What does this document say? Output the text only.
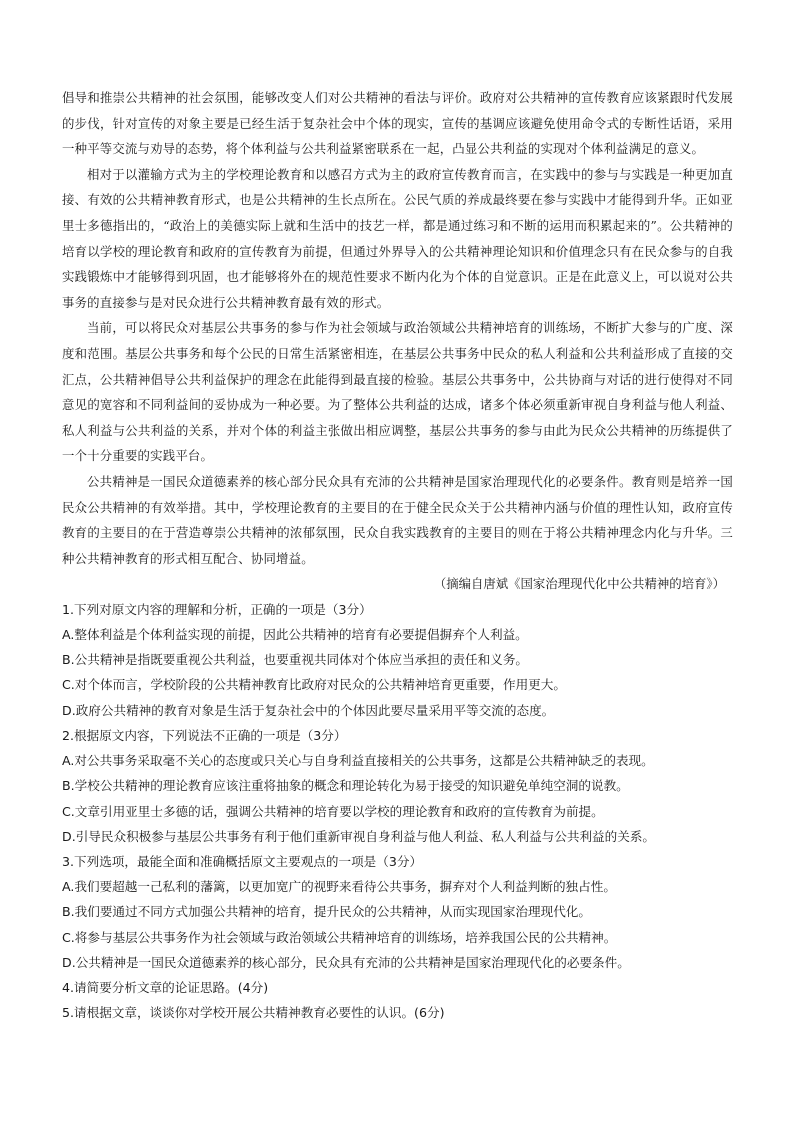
倡导和推崇公共精神的社会氛围，能够改变人们对公共精神的看法与评价。政府对公共精神的宣传教育应该紧跟时代发展的步伐，针对宣传的对象主要是已经生活于复杂社会中个体的现实，宣传的基调应该避免使用命令式的专断性话语，采用一种平等交流与劝导的态势，将个体利益与公共利益紧密联系在一起，凸显公共利益的实现对个体利益满足的意义。

相对于以灌输方式为主的学校理论教育和以感召方式为主的政府宣传教育而言，在实践中的参与与实践是一种更加直接、有效的公共精神教育形式，也是公共精神的生长点所在。公民气质的养成最终要在参与实践中才能得到升华。正如亚里士多德指出的，“政治上的美德实际上就和生活中的技艺一样，都是通过练习和不断的运用而积累起来的”。公共精神的培育以学校的理论教育和政府的宣传教育为前提，但通过外界导入的公共精神理论知识和价值理念只有在民众参与的自我实践锻炼中才能够得到巩固，也才能够将外在的规范性要求不断内化为个体的自觉意识。正是在此意义上，可以说对公共事务的直接参与是对民众进行公共精神教育最有效的形式。

当前，可以将民众对基层公共事务的参与作为社会领域与政治领域公共精神培育的训练场，不断扩大参与的广度、深度和范围。基层公共事务和每个公民的日常生活紧密相连，在基层公共事务中民众的私人利益和公共利益形成了直接的交汇点，公共精神倡导公共利益保护的理念在此能得到最直接的检验。基层公共事务中，公共协商与对话的进行使得对不同意见的宽容和不同利益间的妥协成为一种必要。为了整体公共利益的达成，诸多个体必须重新审视自身利益与他人利益、私人利益与公共利益的关系，并对个体的利益主张做出相应调整，基层公共事务的参与由此为民众公共精神的历练提供了一个十分重要的实践平台。

公共精神是一国民众道德素养的核心部分民众具有充沛的公共精神是国家治理现代化的必要条件。教育则是培养一国民众公共精神的有效举措。其中，学校理论教育的主要目的在于健全民众关于公共精神内涵与价值的理性认知，政府宣传教育的主要目的在于营造尊崇公共精神的浓郁氛围，民众自我实践教育的主要目的则在于将公共精神理念内化与升华。三种公共精神教育的形式相互配合、协同增益。

（摘编自唐斌《国家治理现代化中公共精神的培育》）

1.下列对原文内容的理解和分析，正确的一项是（3分）

A.整体利益是个体利益实现的前提，因此公共精神的培育有必要提倡摒弃个人利益。

B.公共精神是指既要重视公共利益，也要重视共同体对个体应当承担的责任和义务。

C.对个体而言，学校阶段的公共精神教育比政府对民众的公共精神培育更重要，作用更大。

D.政府公共精神的教育对象是生活于复杂社会中的个体因此要尽量采用平等交流的态度。

2.根据原文内容，下列说法不正确的一项是（3分）

A.对公共事务采取毫不关心的态度或只关心与自身利益直接相关的公共事务，这都是公共精神缺乏的表现。

B.学校公共精神的理论教育应该注重将抽象的概念和理论转化为易于接受的知识避免单纯空洞的说教。

C.文章引用亚里士多德的话，强调公共精神的培育要以学校的理论教育和政府的宣传教育为前提。

D.引导民众积极参与基层公共事务有利于他们重新审视自身利益与他人利益、私人利益与公共利益的关系。

3.下列选项，最能全面和准确概括原文主要观点的一项是（3分）

A.我们要超越一己私利的藩篱，以更加宽广的视野来看待公共事务，摒弃对个人利益判断的独占性。

B.我们要通过不同方式加强公共精神的培育，提升民众的公共精神，从而实现国家治理现代化。

C.将参与基层公共事务作为社会领域与政治领域公共精神培育的训练场，培养我国公民的公共精神。

D.公共精神是一国民众道德素养的核心部分，民众具有充沛的公共精神是国家治理现代化的必要条件。

4.请简要分析文章的论证思路。(4分)

5.请根据文章，谈谈你对学校开展公共精神教育必要性的认识。(6分)
